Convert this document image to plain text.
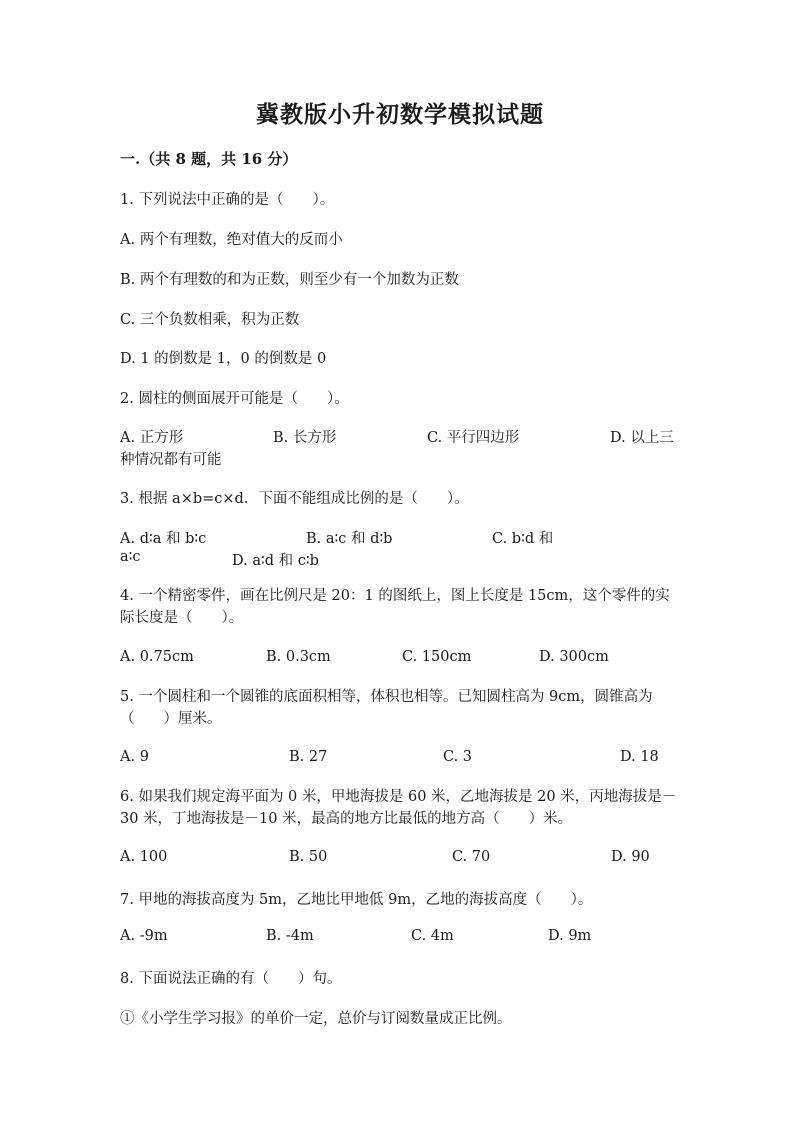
冀教版小升初数学模拟试题
一.（共 8 题，共 16 分）
1. 下列说法中正确的是（　　）。
A. 两个有理数，绝对值大的反而小
B. 两个有理数的和为正数，则至少有一个加数为正数
C. 三个负数相乘，积为正数
D. 1 的倒数是 1，0 的倒数是 0
2. 圆柱的侧面展开可能是（　　）。
A. 正方形	B. 长方形	C. 平行四边形	D. 以上三
种情况都有可能
3. 根据 a×b=c×d．下面不能组成比例的是（　　）。
A. d∶a 和 b∶c	B. a∶c 和 d∶b	C. b∶d 和
a∶c	D. a∶d 和 c∶b
4. 一个精密零件，画在比例尺是 20：1 的图纸上，图上长度是 15cm，这个零件的实际长度是（　　）。
A. 0.75cm	B. 0.3cm	C. 150cm	D. 300cm
5. 一个圆柱和一个圆锥的底面积相等，体积也相等。已知圆柱高为 9cm，圆锥高为（　　）厘米。
A. 9	B. 27	C. 3	D. 18
6. 如果我们规定海平面为 0 米，甲地海拔是 60 米，乙地海拔是 20 米，丙地海拔是－30 米，丁地海拔是－10 米，最高的地方比最低的地方高（　　）米。
A. 100	B. 50	C. 70	D. 90
7. 甲地的海拔高度为 5m，乙地比甲地低 9m，乙地的海拔高度（　　）。
A. -9m	B. -4m	C. 4m	D. 9m
8. 下面说法正确的有（　　）句。
①《小学生学习报》的单价一定，总价与订阅数量成正比例。
